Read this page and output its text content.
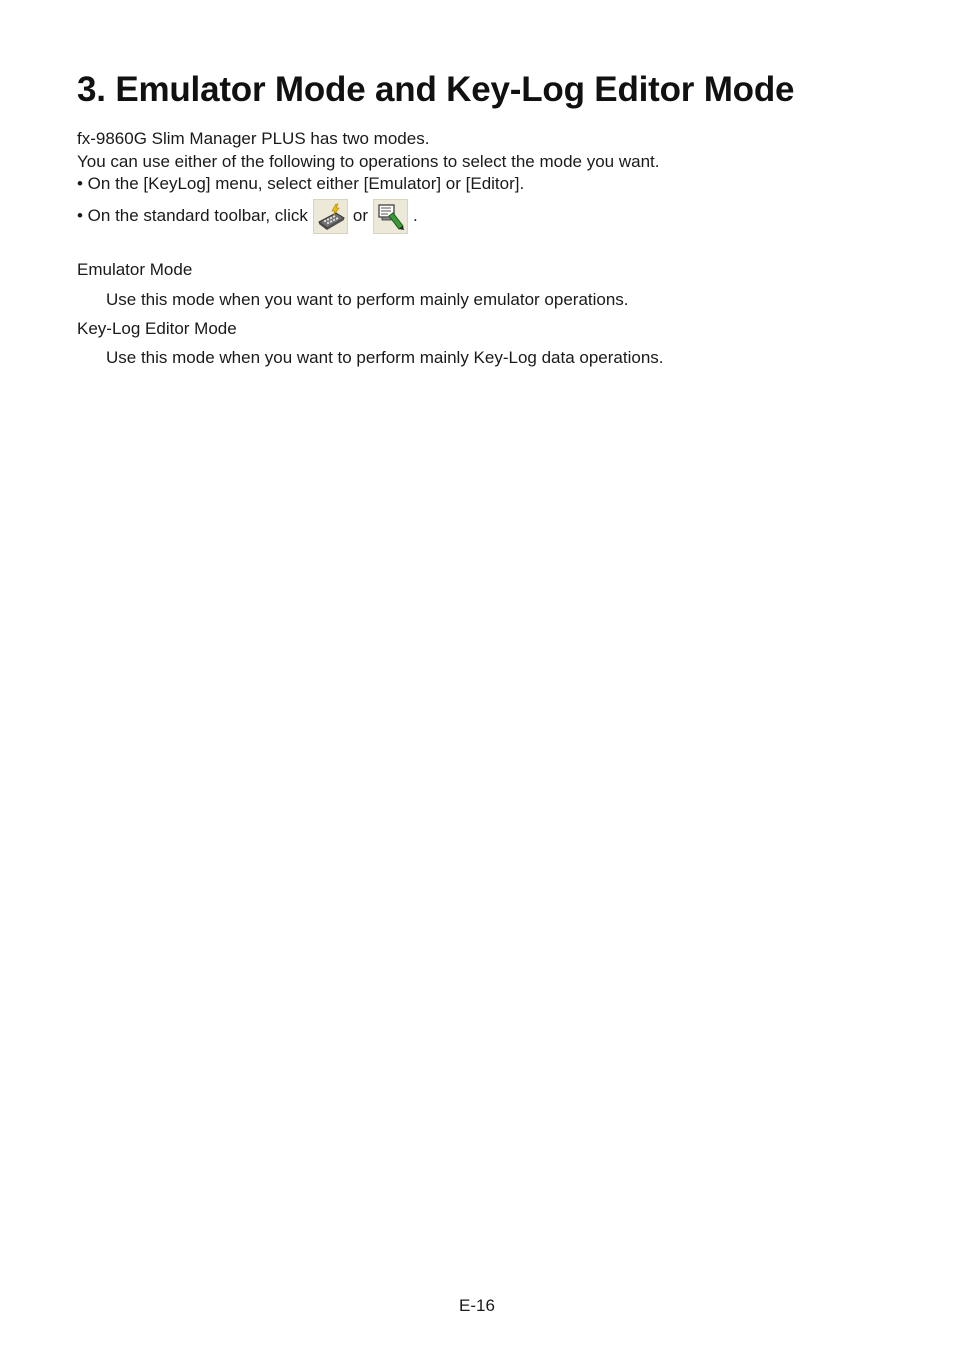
3. Emulator Mode and Key-Log Editor Mode
fx-9860G Slim Manager PLUS has two modes.
You can use either of the following to operations to select the mode you want.
• On the [KeyLog] menu, select either [Emulator] or [Editor].
• On the standard toolbar, click	or	.
Emulator Mode
Use this mode when you want to perform mainly emulator operations.
Key-Log Editor Mode
Use this mode when you want to perform mainly Key-Log data operations.
E-16
